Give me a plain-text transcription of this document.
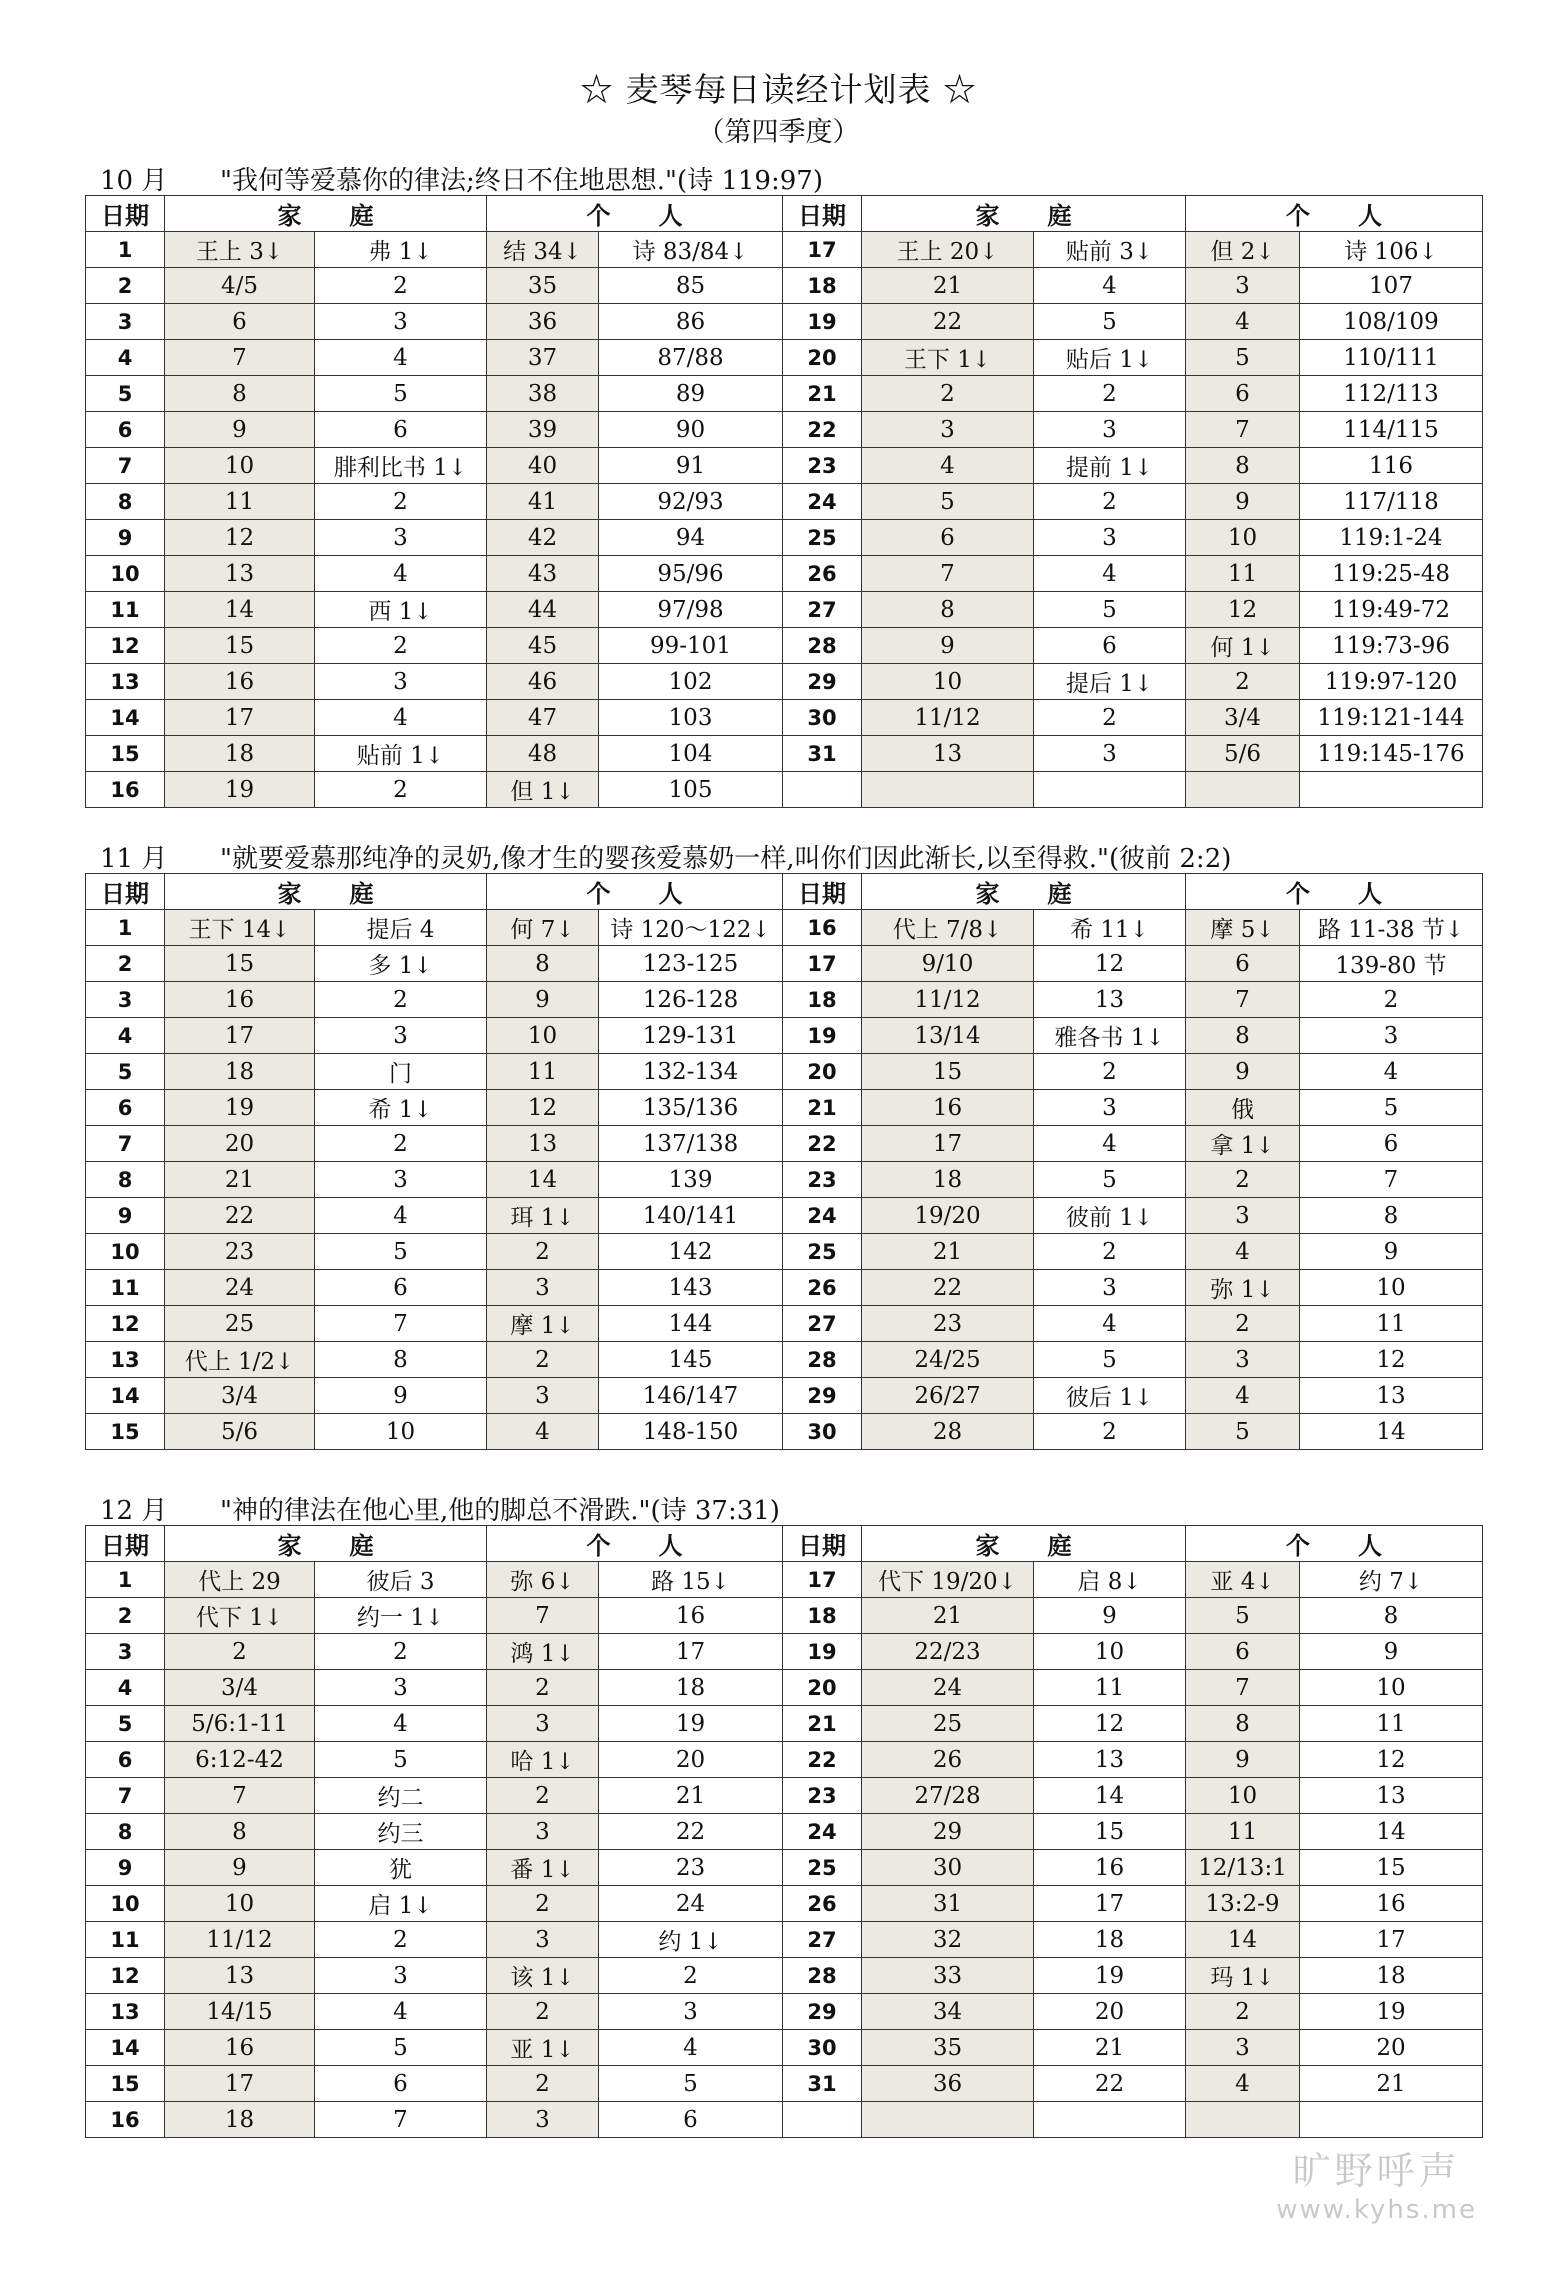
☆ 麦琴每日读经计划表 ☆
（第四季度）
10 月 "我何等爱慕你的律法;终日不住地思想."(诗 119:97)
日期	家　　庭		个　　人		日期	家　　庭		个　　人	
1	王上 3↓	弗 1↓	结 34↓	诗 83/84↓	17	王上 20↓	贴前 3↓	但 2↓	诗 106↓
2	4/5	2	35	85	18	21	4	3	107
3	6	3	36	86	19	22	5	4	108/109
4	7	4	37	87/88	20	王下 1↓	贴后 1↓	5	110/111
5	8	5	38	89	21	2	2	6	112/113
6	9	6	39	90	22	3	3	7	114/115
7	10	腓利比书 1↓	40	91	23	4	提前 1↓	8	116
8	11	2	41	92/93	24	5	2	9	117/118
9	12	3	42	94	25	6	3	10	119:1-24
10	13	4	43	95/96	26	7	4	11	119:25-48
11	14	西 1↓	44	97/98	27	8	5	12	119:49-72
12	15	2	45	99-101	28	9	6	何 1↓	119:73-96
13	16	3	46	102	29	10	提后 1↓	2	119:97-120
14	17	4	47	103	30	11/12	2	3/4	119:121-144
15	18	贴前 1↓	48	104	31	13	3	5/6	119:145-176
16	19	2	但 1↓	105					
11 月 "就要爱慕那纯净的灵奶,像才生的婴孩爱慕奶一样,叫你们因此渐长,以至得救."(彼前 2:2)
日期	家　　庭		个　　人		日期	家　　庭		个　　人	
1	王下 14↓	提后 4	何 7↓	诗 120～122↓	16	代上 7/8↓	希 11↓	摩 5↓	路 11-38 节↓
2	15	多 1↓	8	123-125	17	9/10	12	6	139-80 节
3	16	2	9	126-128	18	11/12	13	7	2
4	17	3	10	129-131	19	13/14	雅各书 1↓	8	3
5	18	门	11	132-134	20	15	2	9	4
6	19	希 1↓	12	135/136	21	16	3	俄	5
7	20	2	13	137/138	22	17	4	拿 1↓	6
8	21	3	14	139	23	18	5	2	7
9	22	4	珥 1↓	140/141	24	19/20	彼前 1↓	3	8
10	23	5	2	142	25	21	2	4	9
11	24	6	3	143	26	22	3	弥 1↓	10
12	25	7	摩 1↓	144	27	23	4	2	11
13	代上 1/2↓	8	2	145	28	24/25	5	3	12
14	3/4	9	3	146/147	29	26/27	彼后 1↓	4	13
15	5/6	10	4	148-150	30	28	2	5	14
12 月 "神的律法在他心里,他的脚总不滑跌."(诗 37:31)
日期	家　　庭		个　　人		日期	家　　庭		个　　人	
1	代上 29	彼后 3	弥 6↓	路 15↓	17	代下 19/20↓	启 8↓	亚 4↓	约 7↓
2	代下 1↓	约一 1↓	7	16	18	21	9	5	8
3	2	2	鸿 1↓	17	19	22/23	10	6	9
4	3/4	3	2	18	20	24	11	7	10
5	5/6:1-11	4	3	19	21	25	12	8	11
6	6:12-42	5	哈 1↓	20	22	26	13	9	12
7	7	约二	2	21	23	27/28	14	10	13
8	8	约三	3	22	24	29	15	11	14
9	9	犹	番 1↓	23	25	30	16	12/13:1	15
10	10	启 1↓	2	24	26	31	17	13:2-9	16
11	11/12	2	3	约 1↓	27	32	18	14	17
12	13	3	该 1↓	2	28	33	19	玛 1↓	18
13	14/15	4	2	3	29	34	20	2	19
14	16	5	亚 1↓	4	30	35	21	3	20
15	17	6	2	5	31	36	22	4	21
16	18	7	3	6					
旷野呼声
www.kyhs.me
